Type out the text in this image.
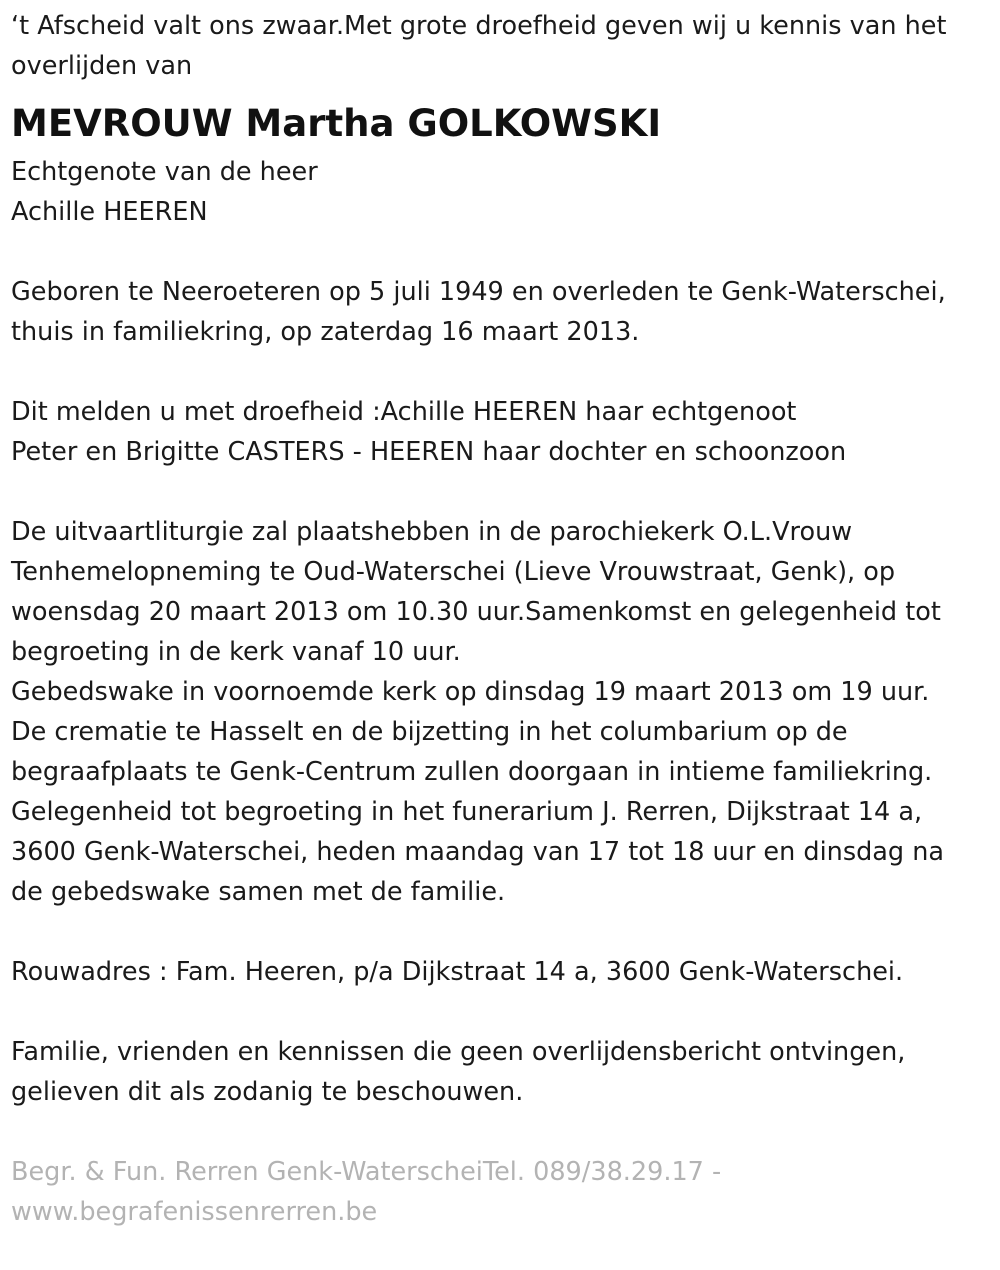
‘t Afscheid valt ons zwaar.Met grote droefheid geven wij u kennis van het
overlijden van

MEVROUW Martha GOLKOWSKI

Echtgenote van de heer
Achille HEEREN

Geboren te Neeroeteren op 5 juli 1949 en overleden te Genk-Waterschei,
thuis in familiekring, op zaterdag 16 maart 2013.

Dit melden u met droefheid :Achille HEEREN haar echtgenoot
Peter en Brigitte CASTERS - HEEREN haar dochter en schoonzoon

De uitvaartliturgie zal plaatshebben in de parochiekerk O.L.Vrouw
Tenhemelopneming te Oud-Waterschei (Lieve Vrouwstraat, Genk), op
woensdag 20 maart 2013 om 10.30 uur.Samenkomst en gelegenheid tot
begroeting in de kerk vanaf 10 uur.
Gebedswake in voornoemde kerk op dinsdag 19 maart 2013 om 19 uur.
De crematie te Hasselt en de bijzetting in het columbarium op de
begraafplaats te Genk-Centrum zullen doorgaan in intieme familiekring.
Gelegenheid tot begroeting in het funerarium J. Rerren, Dijkstraat 14 a,
3600 Genk-Waterschei, heden maandag van 17 tot 18 uur en dinsdag na
de gebedswake samen met de familie.

Rouwadres : Fam. Heeren, p/a Dijkstraat 14 a, 3600 Genk-Waterschei.

Familie, vrienden en kennissen die geen overlijdensbericht ontvingen,
gelieven dit als zodanig te beschouwen.

Begr. & Fun. Rerren Genk-WaterscheiTel. 089/38.29.17 -
www.begrafenissenrerren.be
